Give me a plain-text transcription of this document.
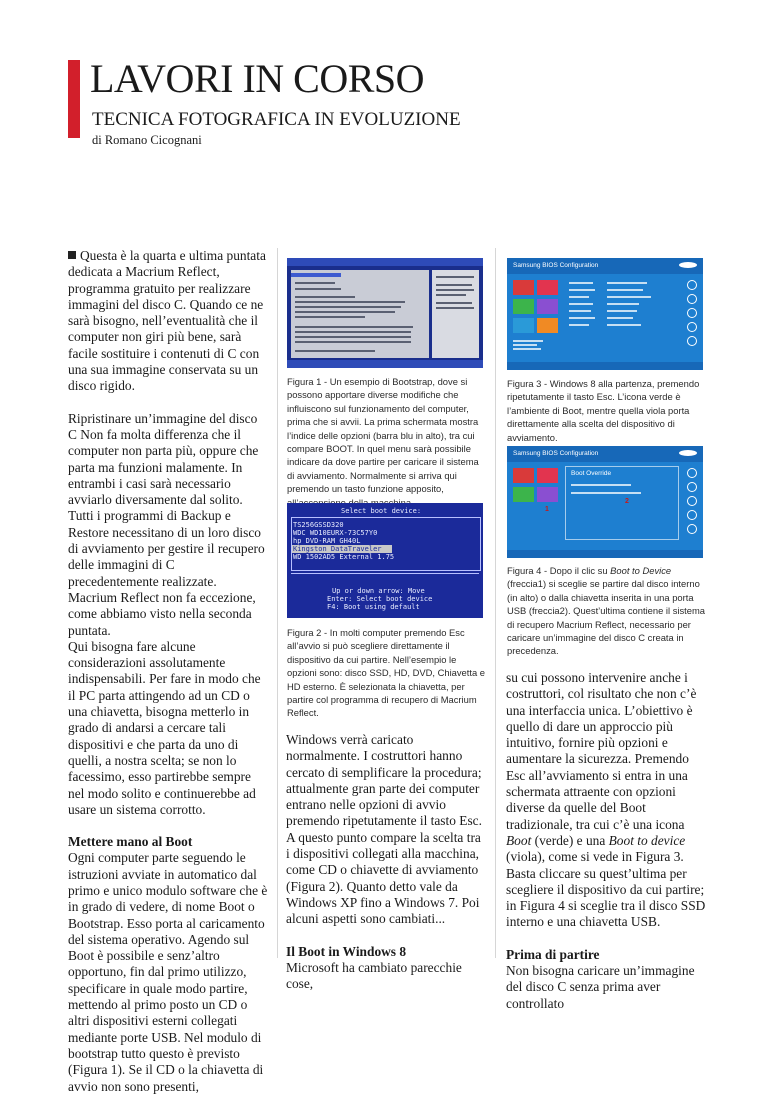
LAVORI IN CORSO
TECNICA FOTOGRAFICA IN EVOLUZIONE
di Romano Cicognani

Questa è la quarta e ultima puntata dedicata a Macrium Reflect, programma gratuito per realizzare immagini del disco C. Quando ce ne sarà bisogno, nell’eventualità che il computer non giri più bene, sarà facile sostituire i contenuti di C con una sua immagine conservata su un disco rigido.

Ripristinare un’immagine del disco C Non fa molta differenza che il computer non parta più, oppure che parta ma funzioni malamente. In entrambi i casi sarà necessario avviarlo diversamente dal solito. Tutti i programmi di Backup e Restore necessitano di un loro disco di avviamento per gestire il recupero delle immagini di C precedentemente realizzate. Macrium Reflect non fa eccezione, come abbiamo visto nella seconda puntata.

Qui bisogna fare alcune considerazioni assolutamente indispensabili. Per fare in modo che il PC parta attingendo ad un CD o una chiavetta, bisogna metterlo in grado di andarsi a cercare tali dispositivi e che parta da uno di quelli, a nostra scelta; se non lo facessimo, esso partirebbe sempre nel modo solito e continuerebbe ad usare un sistema corrotto.

Mettere mano al Boot

Ogni computer parte seguendo le istruzioni avviate in automatico dal primo e unico modulo software che è in grado di vedere, di nome Boot o Bootstrap. Esso porta al caricamento del sistema operativo. Agendo sul Boot è possibile e senz’altro opportuno, fin dal primo utilizzo, specificare in quale modo partire, mettendo al primo posto un CD o altri dispositivi esterni collegati mediante porte USB. Nel modulo di bootstrap tutto questo è previsto (Figura 1). Se il CD o la chiavetta di avvio non sono presenti,

Figura 1 - Un esempio di Bootstrap, dove si possono apportare diverse modifiche che influiscono sul funzionamento del computer, prima che si avvii. La prima schermata mostra l’indice delle opzioni (barra blu in alto), tra cui compare BOOT. In quel menu sarà possibile indicare da dove partire per caricare il sistema di avviamento. Normalmente si arriva qui premendo un tasto funzione apposito,

Select boot device:
TS256GSSD320
WDC WD10EURX-73C57Y0
hp DVD-RAM GH40L
Kingston DataTraveler
WD 1502AD5 External 1.75
Up or down arrow: Move
Enter: Select boot device
F4: Boot using default

Figura 2 - In molti computer premendo Esc all’avvio si può scegliere direttamente il dispositivo da cui partire. Nell’esempio le opzioni sono: disco SSD, HD, DVD, Chiavetta e HD esterno. È selezionata la chiavetta, per partire col programma di recupero di Macrium Reflect.

Windows verrà caricato normalmente. I costruttori hanno cercato di semplificare la procedura; attualmente gran parte dei computer entrano nelle opzioni di avvio premendo ripetutamente il tasto Esc. A questo punto compare la scelta tra i dispositivi collegati alla macchina, come CD o chiavette di avviamento (Figura 2). Quanto detto vale da Windows XP fino a Windows 7. Poi alcuni aspetti sono cambiati...

Il Boot in Windows 8

Microsoft ha cambiato parecchie cose,

Samsung BIOS Configuration

Figura 3 - Windows 8 alla partenza, premendo ripetutamente il tasto Esc. L’icona verde è l’ambiente di Boot, mentre quella viola porta direttamente alla scelta del dispositivo di avviamento.

Samsung BIOS Configuration
Boot Override
1
2

Figura 4 - Dopo il clic su Boot to Device (freccia1) si sceglie se partire dal disco interno (in alto) o dalla chiavetta inserita in una porta USB (freccia2). Quest’ultima contiene il sistema di recupero Macrium Reflect, necessario per caricare un’immagine del disco C creata in precedenza.

su cui possono intervenire anche i costruttori, col risultato che non c’è una interfaccia unica. L’obiettivo è quello di dare un approccio più intuitivo, fornire più opzioni e aumentare la sicurezza. Premendo Esc all’avviamento si entra in una schermata attraente con opzioni diverse da quelle del Boot tradizionale, tra cui c’è una icona Boot (verde) e una Boot to device (viola), come si vede in Figura 3. Basta cliccare su quest’ultima per scegliere il dispositivo da cui partire; in Figura 4 si sceglie tra il disco SSD interno e una chiavetta USB.

Prima di partire

Non bisogna caricare un’immagine del disco C senza prima aver controllato
